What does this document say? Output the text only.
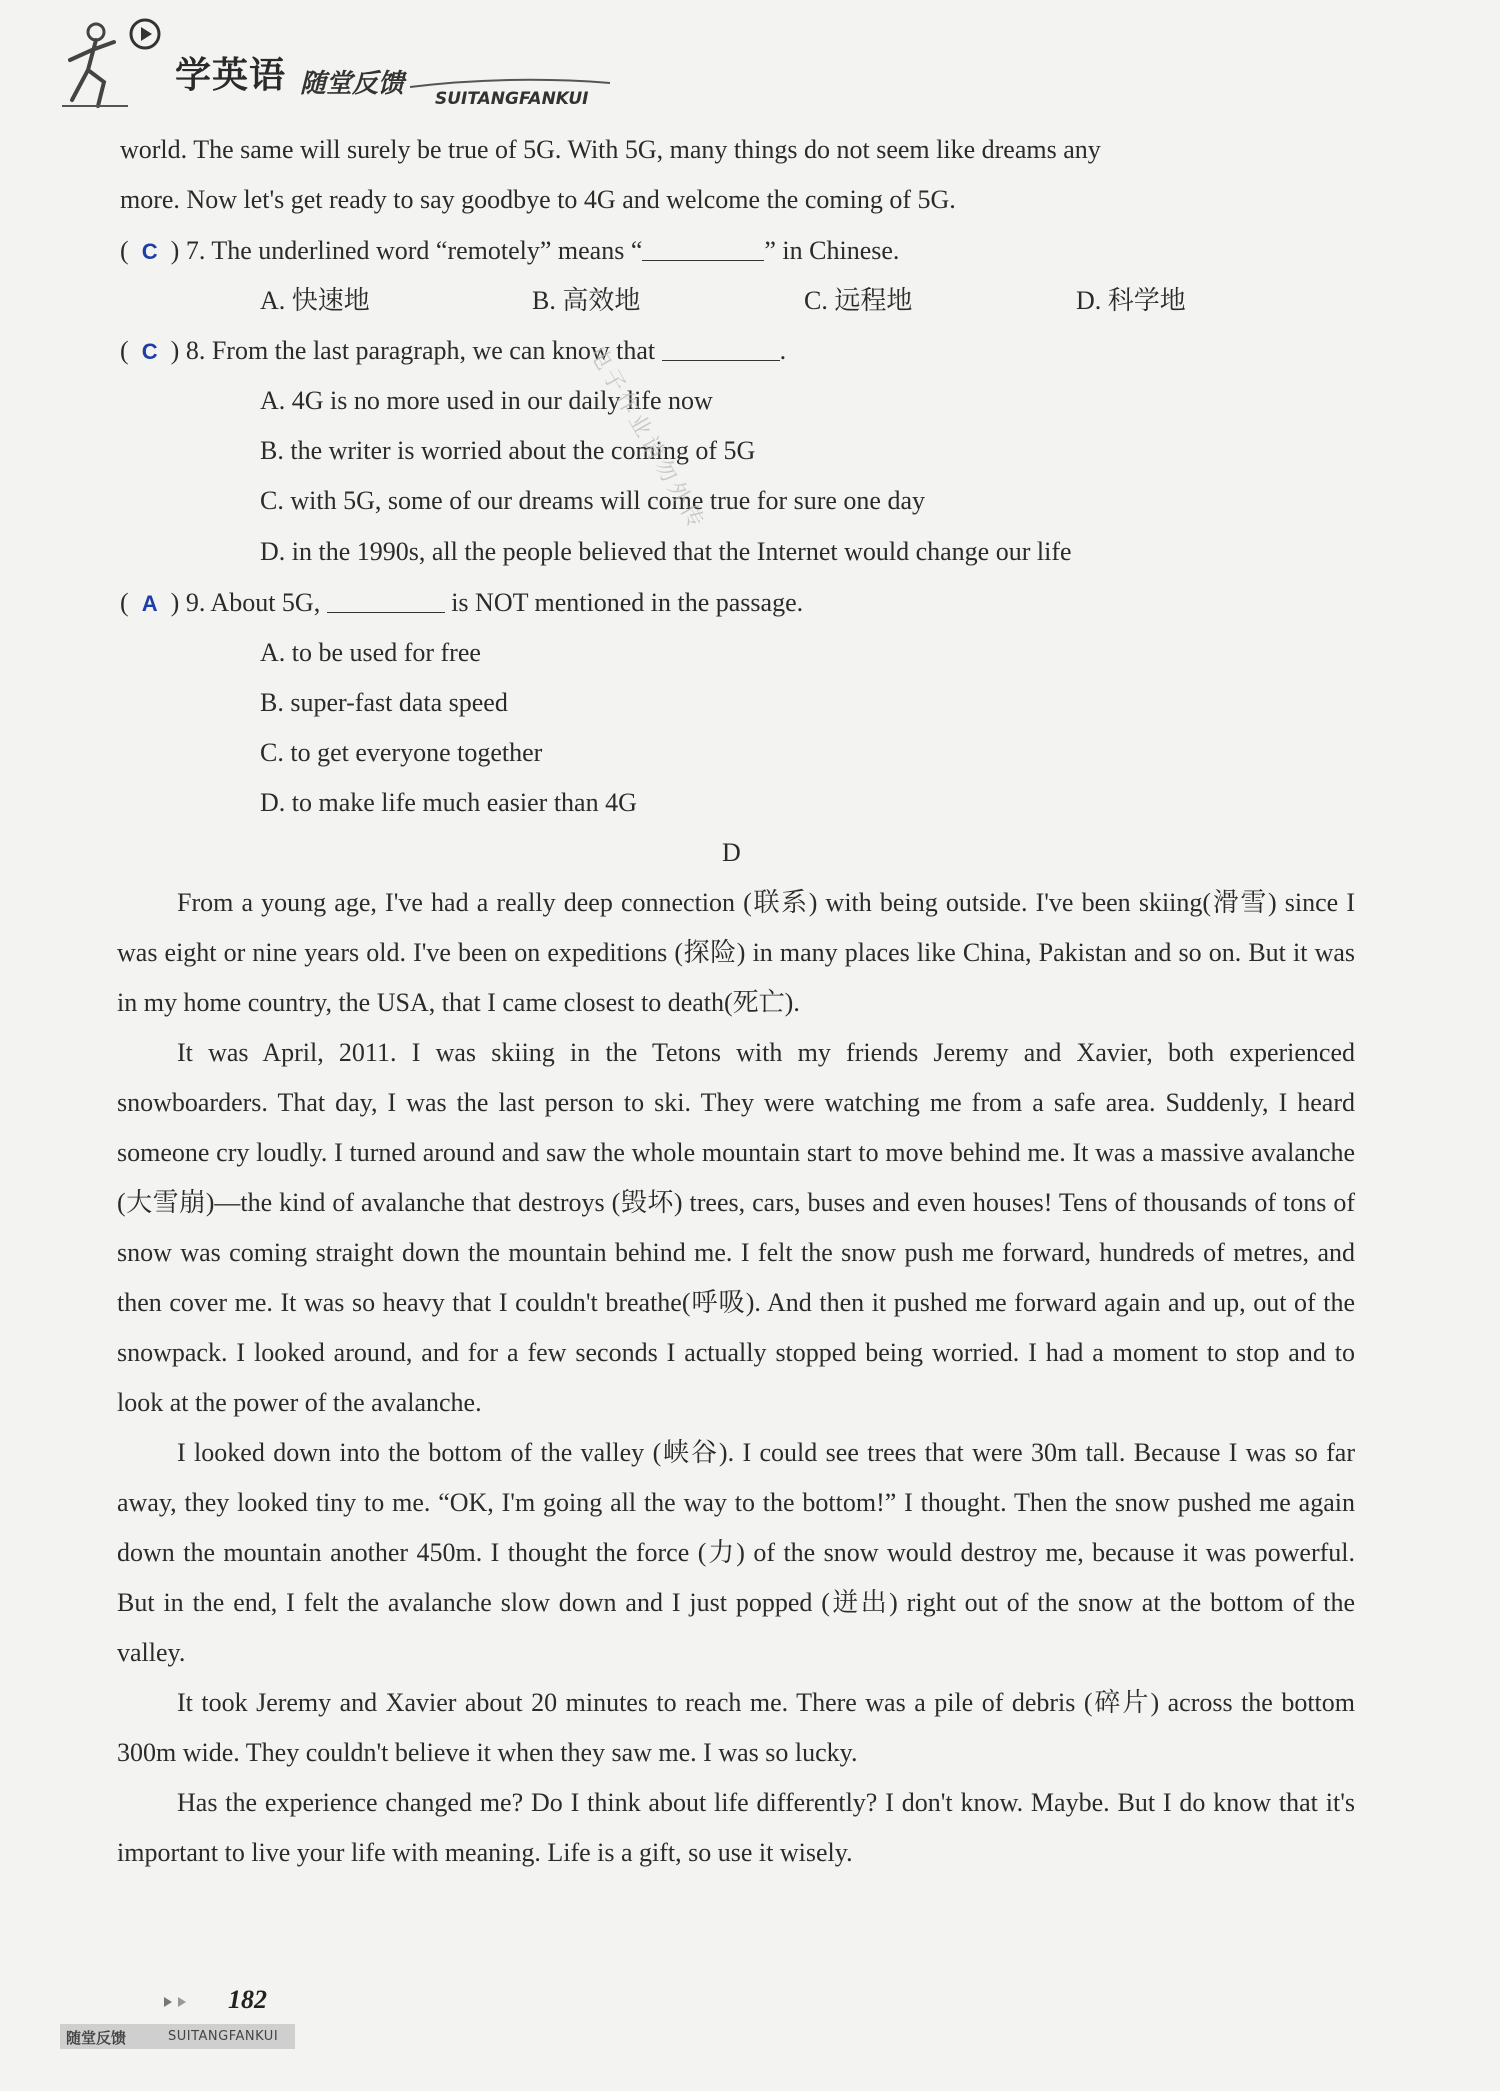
学英语 随堂反馈 SUITANGFANKUI
world. The same will surely be true of 5G. With 5G, many things do not seem like dreams any
more. Now let's get ready to say goodbye to 4G and welcome the coming of 5G.
( C ) 7. The underlined word “remotely” means “	” in Chinese.
A. 快速地	B. 高效地	C. 远程地	D. 科学地
( C ) 8. From the last paragraph, we can know that	.
A. 4G is no more used in our daily life now
B. the writer is worried about the coming of 5G
C. with 5G, some of our dreams will come true for sure one day
D. in the 1990s, all the people believed that the Internet would change our life
( A ) 9. About 5G,	is NOT mentioned in the passage.
A. to be used for free
B. super-fast data speed
C. to get everyone together
D. to make life much easier than 4G
电子作业请勿外传
D

From a young age, I've had a really deep connection (联系) with being outside. I've been skiing(滑雪) since I was eight or nine years old. I've been on expeditions (探险) in many places like China, Pakistan and so on. But it was in my home country, the USA, that I came closest to death(死亡).

It was April, 2011. I was skiing in the Tetons with my friends Jeremy and Xavier, both experienced snowboarders. That day, I was the last person to ski. They were watching me from a safe area. Suddenly, I heard someone cry loudly. I turned around and saw the whole mountain start to move behind me. It was a massive avalanche (大雪崩)—the kind of avalanche that destroys (毁坏) trees, cars, buses and even houses! Tens of thousands of tons of snow was coming straight down the mountain behind me. I felt the snow push me forward, hundreds of metres, and then cover me. It was so heavy that I couldn't breathe(呼吸). And then it pushed me forward again and up, out of the snowpack. I looked around, and for a few seconds I actually stopped being worried. I had a moment to stop and to look at the power of the avalanche.

I looked down into the bottom of the valley (峡谷). I could see trees that were 30m tall. Because I was so far away, they looked tiny to me. “OK, I'm going all the way to the bottom!” I thought. Then the snow pushed me again down the mountain another 450m. I thought the force (力) of the snow would destroy me, because it was powerful. But in the end, I felt the avalanche slow down and I just popped (迸出) right out of the snow at the bottom of the valley.

It took Jeremy and Xavier about 20 minutes to reach me. There was a pile of debris (碎片) across the bottom 300m wide. They couldn't believe it when they saw me. I was so lucky.

Has the experience changed me? Do I think about life differently? I don't know. Maybe. But I do know that it's important to live your life with meaning. Life is a gift, so use it wisely.

182
随堂反馈	SUITANGFANKUI
